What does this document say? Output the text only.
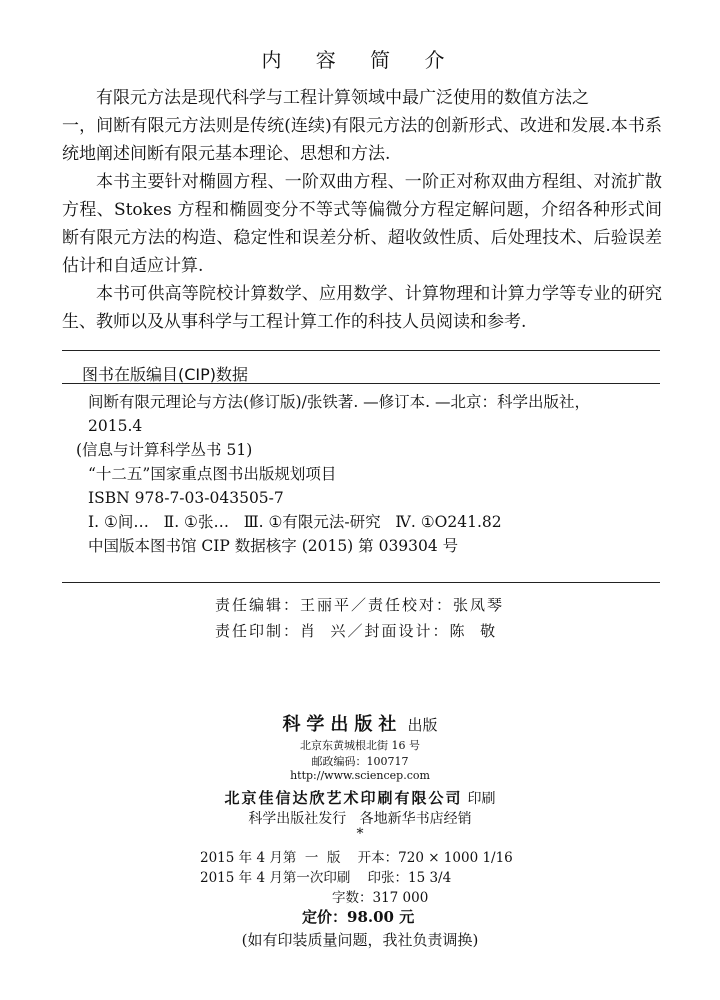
内 容 简 介

有限元方法是现代科学与工程计算领域中最广泛使用的数值方法之

一，间断有限元方法则是传统(连续)有限元方法的创新形式、改进和发展.本书系统地阐述间断有限元基本理论、思想和方法.

本书主要针对椭圆方程、一阶双曲方程、一阶正对称双曲方程组、对流扩散方程、Stokes 方程和椭圆变分不等式等偏微分方程定解问题，介绍各种形式间断有限元方法的构造、稳定性和误差分析、超收敛性质、后处理技术、后验误差估计和自适应计算.

本书可供高等院校计算数学、应用数学、计算物理和计算力学等专业的研究生、教师以及从事科学与工程计算工作的科技人员阅读和参考.

图书在版编目(CIP)数据
间断有限元理论与方法(修订版)/张铁著. —修订本. —北京：科学出版社，
2015.4
(信息与计算科学丛书 51)
“十二五”国家重点图书出版规划项目
ISBN 978-7-03-043505-7
Ⅰ. ①间…   Ⅱ. ①张…   Ⅲ. ①有限元法-研究   Ⅳ. ①O241.82
中国版本图书馆 CIP 数据核字 (2015) 第 039304 号
责任编辑：王丽平／责任校对：张凤琴
责任印制：肖  兴／封面设计：陈  敬
科学出版社 出版
北京东黄城根北街 16 号
邮政编码：100717
http://www.sciencep.com
北京佳信达欣艺术印刷有限公司 印刷
科学出版社发行   各地新华书店经销
*
2015 年 4 月第  一  版    开本：720 × 1000 1/16
2015 年 4 月第一次印刷    印张：15 3/4
字数：317 000
定价：98.00 元
(如有印装质量问题，我社负责调换)
